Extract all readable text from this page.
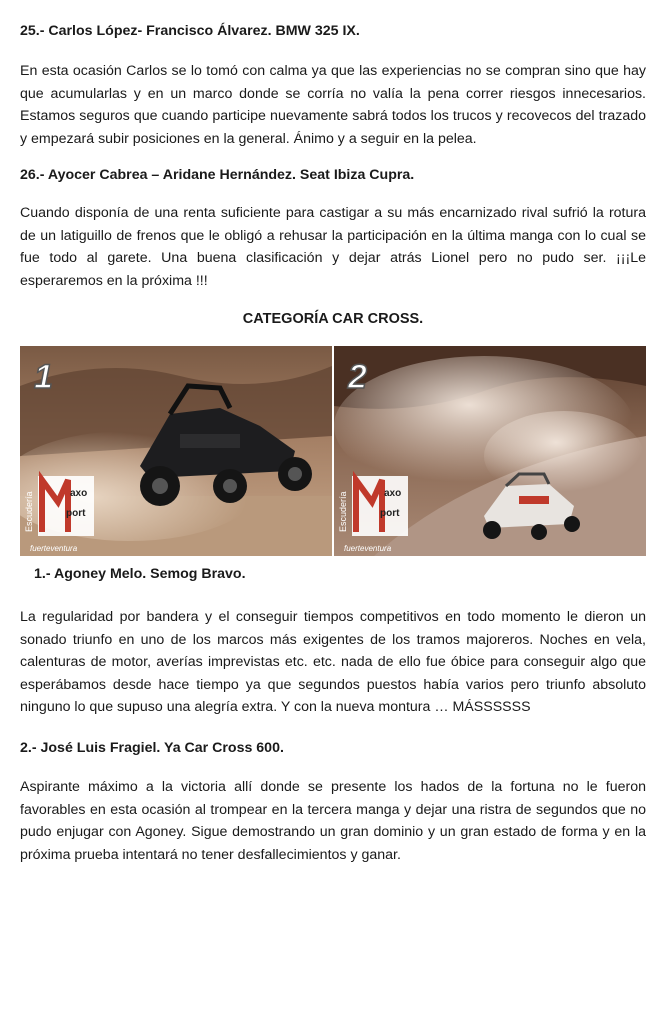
25.- Carlos López- Francisco Álvarez. BMW 325 IX.

En esta ocasión Carlos se lo tomó con calma ya que las experiencias no se compran sino que hay que acumularlas y en un marco donde se corría no valía la pena correr riesgos innecesarios. Estamos seguros que cuando participe nuevamente sabrá todos los trucos y recovecos del trazado y empezará subir posiciones en la general. Ánimo y a seguir en la pelea.

26.- Ayocer Cabrea – Aridane Hernández. Seat Ibiza Cupra.

Cuando disponía de una renta suficiente para castigar a su más encarnizado rival sufrió la rotura de un latiguillo de frenos que le obligó a rehusar la participación en la última manga con lo cual se fue todo al garete. Una buena clasificación y dejar atrás Lionel pero no pudo ser. ¡¡¡Le esperaremos en la próxima !!!

CATEGORÍA CAR CROSS.

1
axo
port
Escudería
fuerteventura
2
axo
port
Escudería
fuerteventura

1.- Agoney Melo. Semog Bravo.

La regularidad por bandera y el conseguir tiempos competitivos en todo momento le dieron un sonado triunfo en uno de los marcos más exigentes de los tramos majoreros. Noches en vela, calenturas de motor, averías imprevistas etc. etc. nada de ello fue óbice para conseguir algo que esperábamos desde hace tiempo ya que segundos puestos había varios pero triunfo absoluto ninguno lo que supuso una alegría extra. Y con la nueva montura … MÁSSSSSS

2.- José Luis Fragiel. Ya Car Cross 600.

Aspirante máximo a la victoria allí donde se presente los hados de la fortuna no le fueron favorables en esta ocasión al trompear en la tercera manga y dejar una ristra de segundos que no pudo enjugar con Agoney. Sigue demostrando un gran dominio y un gran estado de forma y en la próxima prueba intentará no tener desfallecimientos y ganar.
